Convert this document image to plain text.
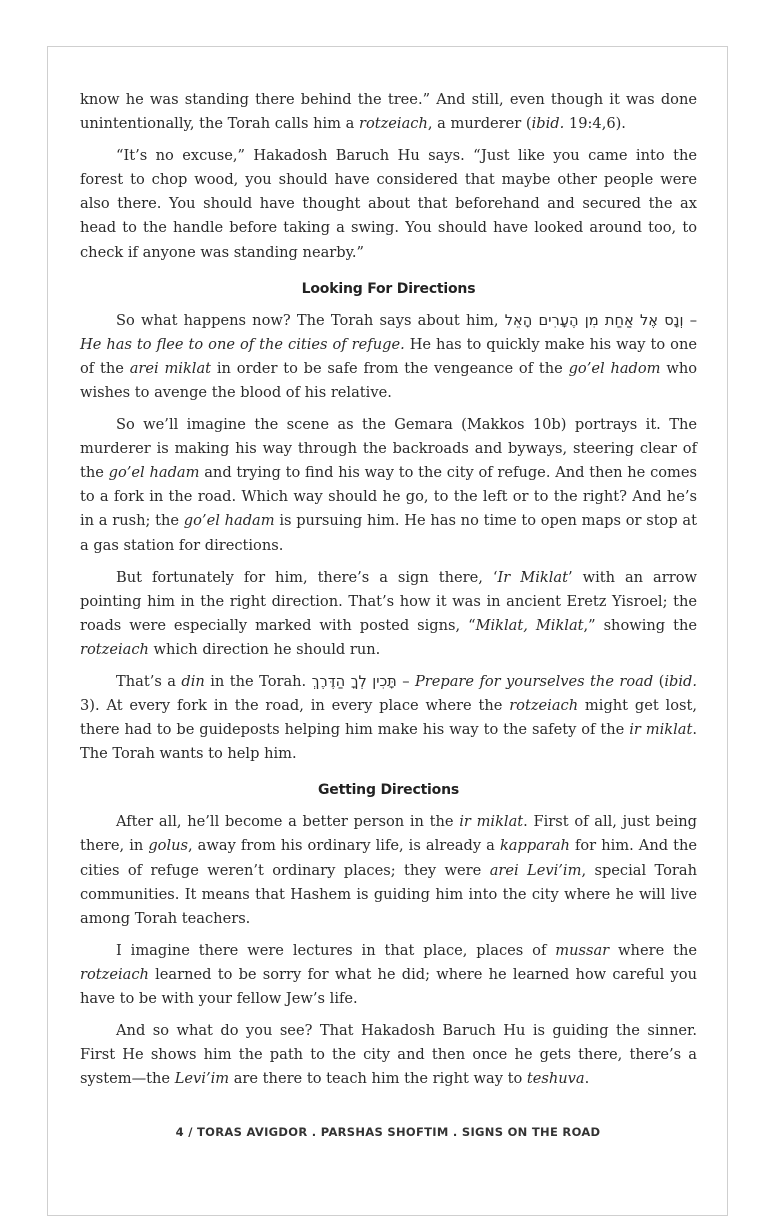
know he was standing there behind the tree.” And still, even though it was done unintentionally, the Torah calls him a rotzeiach, a murderer (ibid. 19:4,6).

“It’s no excuse,” Hakadosh Baruch Hu says. “Just like you came into the forest to chop wood, you should have considered that maybe other people were also there. You should have thought about that beforehand and secured the ax head to the handle before taking a swing. You should have looked around too, to check if anyone was standing nearby.”

Looking For Directions

So what happens now? The Torah says about him, וְנָס אֶל אַחַת מִן הֶעָרִים הָאֵל – He has to flee to one of the cities of refuge. He has to quickly make his way to one of the arei miklat in order to be safe from the vengeance of the go’el hadom who wishes to avenge the blood of his relative.

So we’ll imagine the scene as the Gemara (Makkos 10b) portrays it. The murderer is making his way through the backroads and byways, steering clear of the go’el hadam and trying to find his way to the city of refuge. And then he comes to a fork in the road. Which way should he go, to the left or to the right? And he’s in a rush; the go’el hadam is pursuing him. He has no time to open maps or stop at a gas station for directions.

But fortunately for him, there’s a sign there, ‘Ir Miklat’ with an arrow pointing him in the right direction. That’s how it was in ancient Eretz Yisroel; the roads were especially marked with posted signs, “Miklat, Miklat,” showing the rotzeiach which direction he should run.

That’s a din in the Torah. תָּכִין לְךָ הַדֶּרֶךְ – Prepare for yourselves the road (ibid. 3). At every fork in the road, in every place where the rotzeiach might get lost, there had to be guideposts helping him make his way to the safety of the ir miklat. The Torah wants to help him.

Getting Directions

After all, he’ll become a better person in the ir miklat. First of all, just being there, in golus, away from his ordinary life, is already a kapparah for him. And the cities of refuge weren’t ordinary places; they were arei Levi’im, special Torah communities. It means that Hashem is guiding him into the city where he will live among Torah teachers.

I imagine there were lectures in that place, places of mussar where the rotzeiach learned to be sorry for what he did; where he learned how careful you have to be with your fellow Jew’s life.

And so what do you see? That Hakadosh Baruch Hu is guiding the sinner. First He shows him the path to the city and then once he gets there, there’s a system—the Levi’im are there to teach him the right way to teshuva.

4 / TORAS AVIGDOR . PARSHAS SHOFTIM . SIGNS ON THE ROAD
